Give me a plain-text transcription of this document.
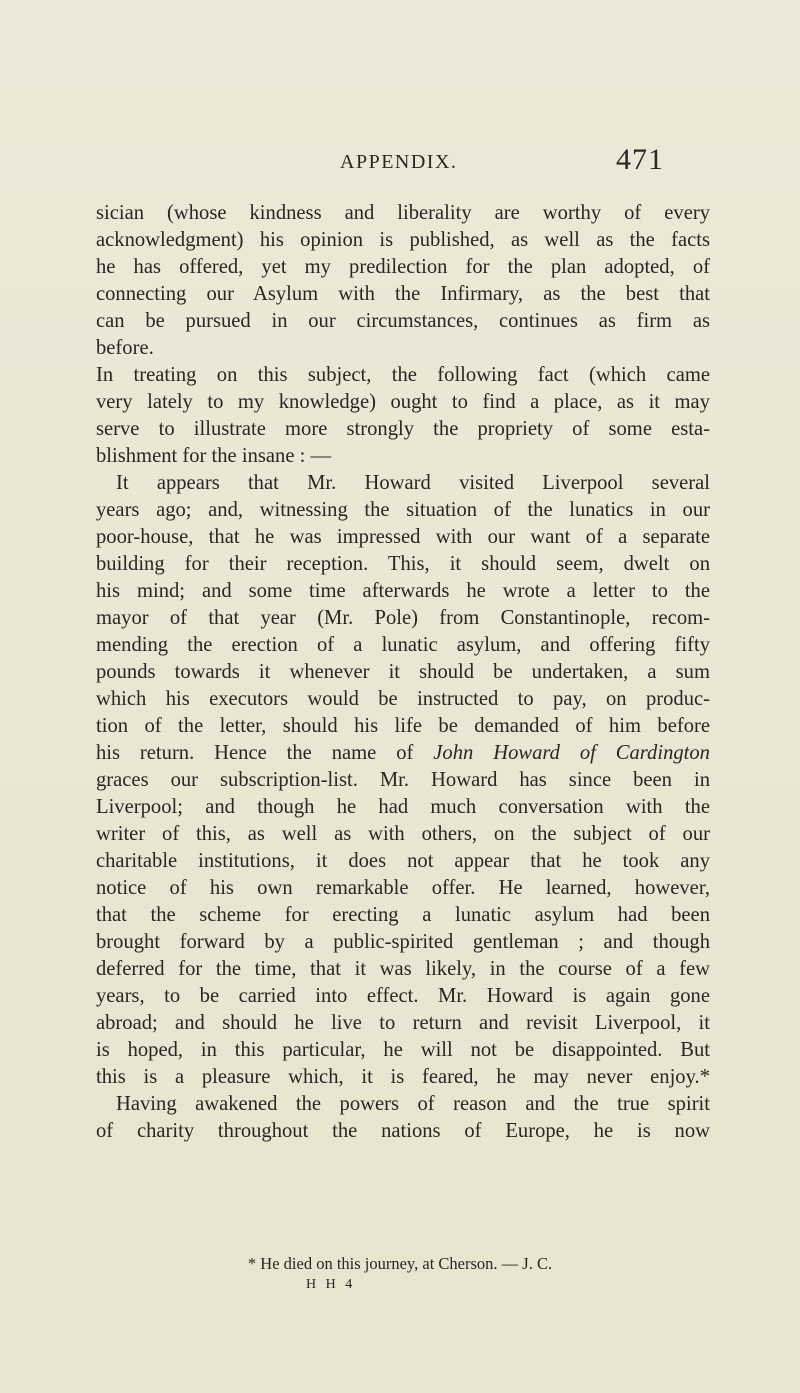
APPENDIX.	471
sician (whose kindness and liberality are worthy of every
acknowledgment) his opinion is published, as well as the facts
he has offered, yet my predilection for the plan adopted, of
connecting our Asylum with the Infirmary, as the best that
can be pursued in our circumstances, continues as firm as
before.
In treating on this subject, the following fact (which came
very lately to my knowledge) ought to find a place, as it may
serve to illustrate more strongly the propriety of some esta-
blishment for the insane : —
It appears that Mr. Howard visited Liverpool several
years ago; and, witnessing the situation of the lunatics in our
poor-house, that he was impressed with our want of a separate
building for their reception. This, it should seem, dwelt on
his mind; and some time afterwards he wrote a letter to the
mayor of that year (Mr. Pole) from Constantinople, recom-
mending the erection of a lunatic asylum, and offering fifty
pounds towards it whenever it should be undertaken, a sum
which his executors would be instructed to pay, on produc-
tion of the letter, should his life be demanded of him before
his return. Hence the name of John Howard of Cardington
graces our subscription-list. Mr. Howard has since been in
Liverpool; and though he had much conversation with the
writer of this, as well as with others, on the subject of our
charitable institutions, it does not appear that he took any
notice of his own remarkable offer. He learned, however,
that the scheme for erecting a lunatic asylum had been
brought forward by a public-spirited gentleman ; and though
deferred for the time, that it was likely, in the course of a few
years, to be carried into effect. Mr. Howard is again gone
abroad; and should he live to return and revisit Liverpool, it
is hoped, in this particular, he will not be disappointed. But
this is a pleasure which, it is feared, he may never enjoy.*
Having awakened the powers of reason and the true spirit
of charity throughout the nations of Europe, he is now
* He died on this journey, at Cherson. — J. C.
H H 4
